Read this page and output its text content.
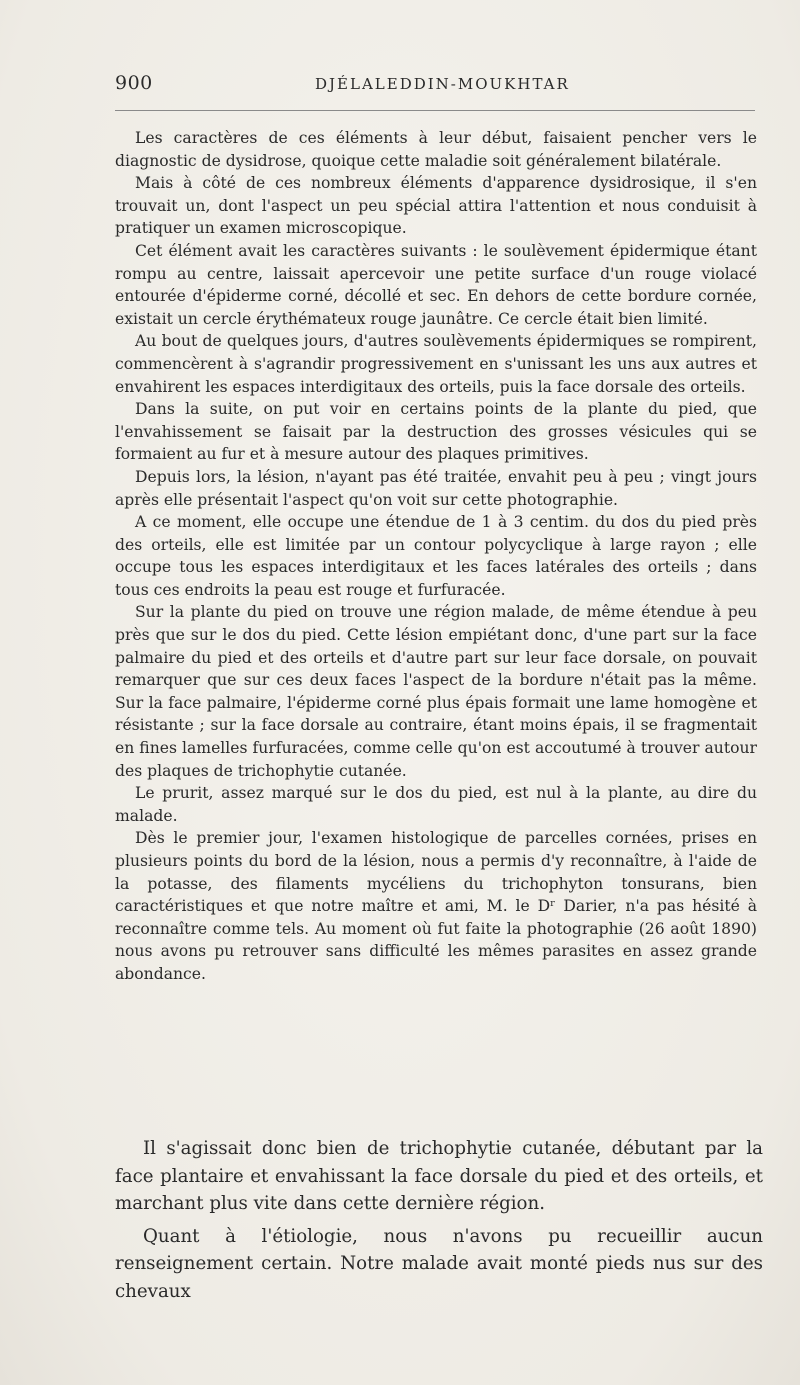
900	DJÉLALEDDIN-MOUKHTAR

Les caractères de ces éléments à leur début, faisaient pencher vers le diagnostic de dysidrose, quoique cette maladie soit généralement bilatérale.

Mais à côté de ces nombreux éléments d'apparence dysidrosique, il s'en trouvait un, dont l'aspect un peu spécial attira l'attention et nous conduisit à pratiquer un examen microscopique.

Cet élément avait les caractères suivants : le soulèvement épidermique étant rompu au centre, laissait apercevoir une petite surface d'un rouge violacé entourée d'épiderme corné, décollé et sec. En dehors de cette bordure cornée, existait un cercle érythémateux rouge jaunâtre. Ce cercle était bien limité.

Au bout de quelques jours, d'autres soulèvements épidermiques se rompirent, commencèrent à s'agrandir progressivement en s'unissant les uns aux autres et envahirent les espaces interdigitaux des orteils, puis la face dorsale des orteils.

Dans la suite, on put voir en certains points de la plante du pied, que l'envahissement se faisait par la destruction des grosses vésicules qui se formaient au fur et à mesure autour des plaques primitives.

Depuis lors, la lésion, n'ayant pas été traitée, envahit peu à peu ; vingt jours après elle présentait l'aspect qu'on voit sur cette photographie.

A ce moment, elle occupe une étendue de 1 à 3 centim. du dos du pied près des orteils, elle est limitée par un contour polycyclique à large rayon ; elle occupe tous les espaces interdigitaux et les faces latérales des orteils ; dans tous ces endroits la peau est rouge et furfuracée.

Sur la plante du pied on trouve une région malade, de même étendue à peu près que sur le dos du pied. Cette lésion empiétant donc, d'une part sur la face palmaire du pied et des orteils et d'autre part sur leur face dorsale, on pouvait remarquer que sur ces deux faces l'aspect de la bordure n'était pas la même. Sur la face palmaire, l'épiderme corné plus épais formait une lame homogène et résistante ; sur la face dorsale au contraire, étant moins épais, il se fragmentait en fines lamelles furfuracées, comme celle qu'on est accoutumé à trouver autour des plaques de trichophytie cutanée.

Le prurit, assez marqué sur le dos du pied, est nul à la plante, au dire du malade.

Dès le premier jour, l'examen histologique de parcelles cornées, prises en plusieurs points du bord de la lésion, nous a permis d'y reconnaître, à l'aide de la potasse, des filaments mycéliens du trichophyton tonsurans, bien caractéristiques et que notre maître et ami, M. le Dʳ Darier, n'a pas hésité à reconnaître comme tels. Au moment où fut faite la photographie (26 août 1890) nous avons pu retrouver sans difficulté les mêmes parasites en assez grande abondance.

Il s'agissait donc bien de trichophytie cutanée, débutant par la face plantaire et envahissant la face dorsale du pied et des orteils, et marchant plus vite dans cette dernière région.

Quant à l'étiologie, nous n'avons pu recueillir aucun renseignement certain. Notre malade avait monté pieds nus sur des chevaux
